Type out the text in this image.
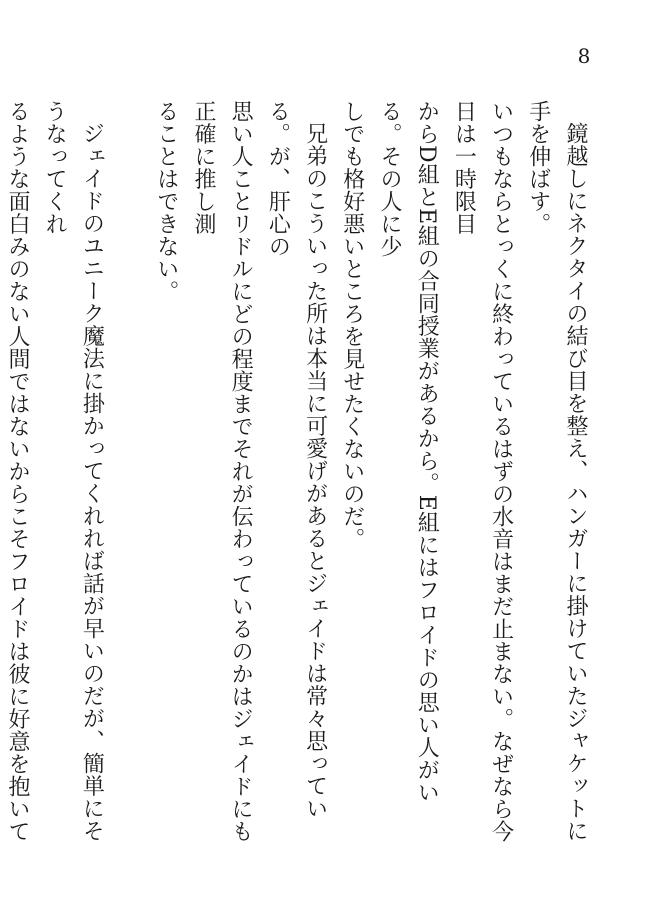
8

鏡越しにネクタイの結び目を整え、ハンガーに掛けていたジャケットに手を伸ばす。
いつもならとっくに終わっているはずの水音はまだ止まない。なぜなら今日は一時限目
からD組とE組の合同授業があるから。E組にはフロイドの思い人がいる。その人に少
しでも格好悪いところを見せたくないのだ。

兄弟のこういった所は本当に可愛げがあるとジェイドは常々思っている。が、肝心の
思い人ことリドルにどの程度までそれが伝わっているのかはジェイドにも正確に推し測
ることはできない。

ジェイドのユニーク魔法に掛かってくれれば話が早いのだが、簡単にそうなってくれ
るような面白みのない人間ではないからこそフロイドは彼に好意を抱いて
